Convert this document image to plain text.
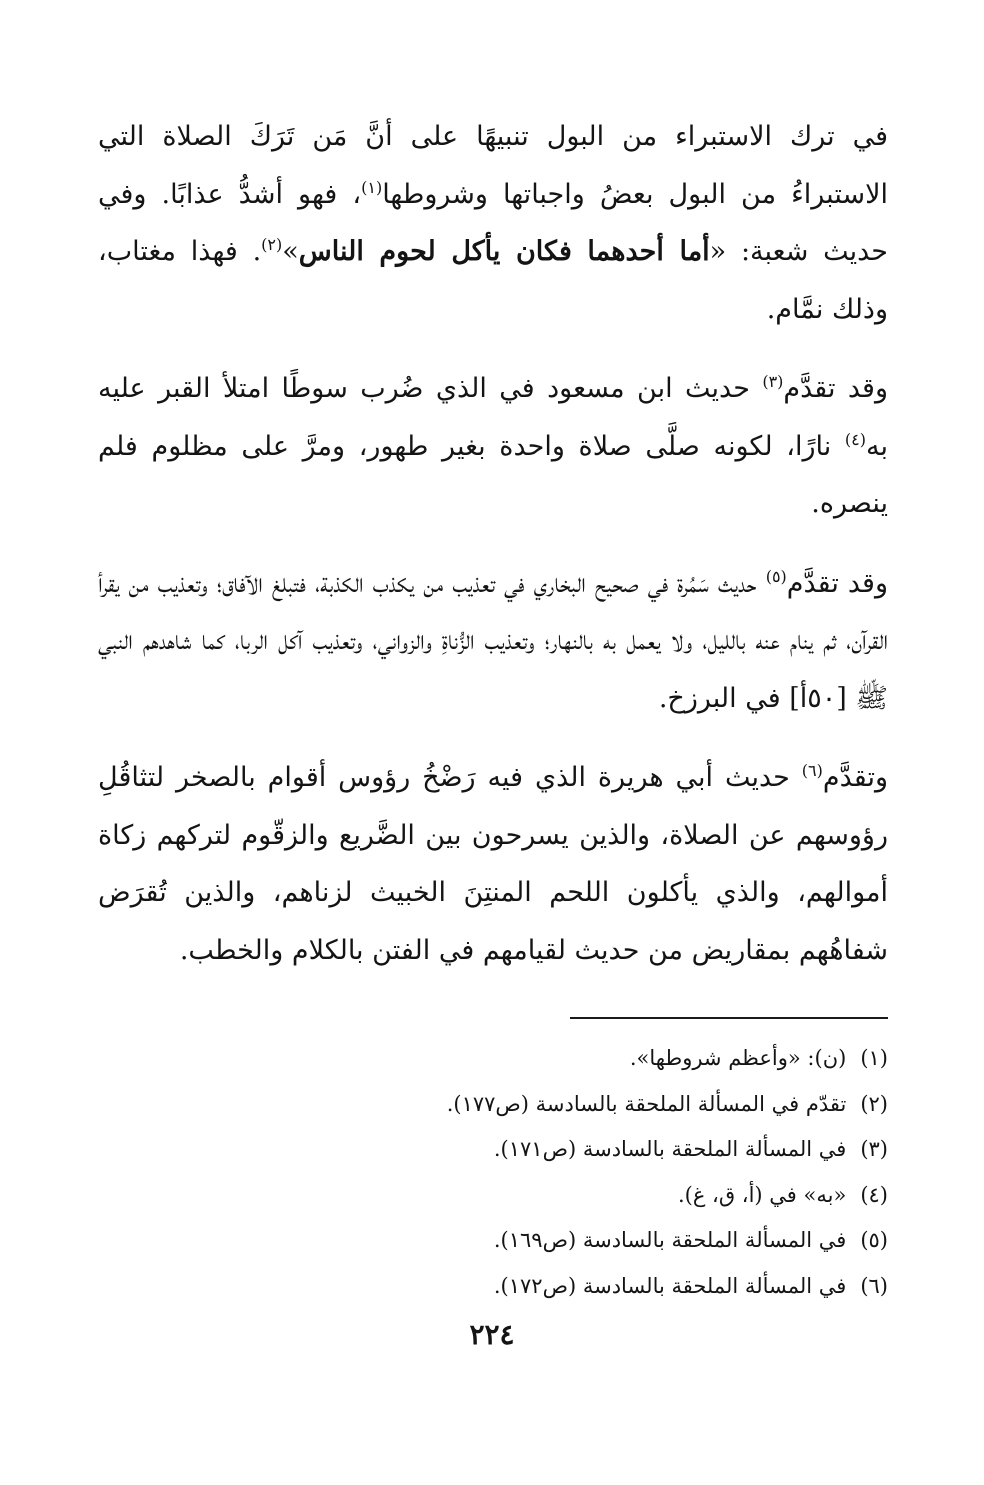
في ترك الاستبراء من البول تنبيهًا على أنَّ مَن تَرَكَ الصلاة التي الاستبراءُ من البول بعضُ واجباتها وشروطها$^{(١)}$، فهو أشدُّ عذابًا. وفي حديث شعبة: «أما أحدهما فكان يأكل لحوم الناس»$^{(٢)}$. فهذا مغتاب، وذلك نمَّام.

وقد تقدَّم$^{(٣)}$ حديث ابن مسعود في الذي ضُرب سوطًا امتلأ القبر عليه به$^{(٤)}$ نارًا، لكونه صلَّى صلاة واحدة بغير طهور، ومرَّ على مظلوم فلم ينصره.

وقد تقدَّم$^{(٥)}$ حديث سَمُرة في صحيح البخاري في تعذيب من يكذب الكذبة، فتبلغ الآفاق؛ وتعذيب من يقرأ القرآن، ثم ينام عنه بالليل، ولا يعمل به بالنهار؛ وتعذيب الزُّناةِ والزواني، وتعذيب آكل الربا، كما شاهدهم النبي ﷺ [٥٠أ] في البرزخ.

وتقدَّم$^{(٦)}$ حديث أبي هريرة الذي فيه رَضْخُ رؤوس أقوام بالصخر لتثاقُلِ رؤوسهم عن الصلاة، والذين يسرحون بين الضَّريع والزقّوم لتركهم زكاة أموالهم، والذي يأكلون اللحم المنتِنَ الخبيث لزناهم، والذين تُقرَض شفاهُهم بمقاريض من حديث لقيامهم في الفتن بالكلام والخطب.

(١)(ن): «وأعظم شروطها».
(٢)تقدّم في المسألة الملحقة بالسادسة (ص١٧٧).
(٣)في المسألة الملحقة بالسادسة (ص١٧١).
(٤)«به» في (أ، ق، غ).
(٥)في المسألة الملحقة بالسادسة (ص١٦٩).
(٦)في المسألة الملحقة بالسادسة (ص١٧٢).
٢٢٤
